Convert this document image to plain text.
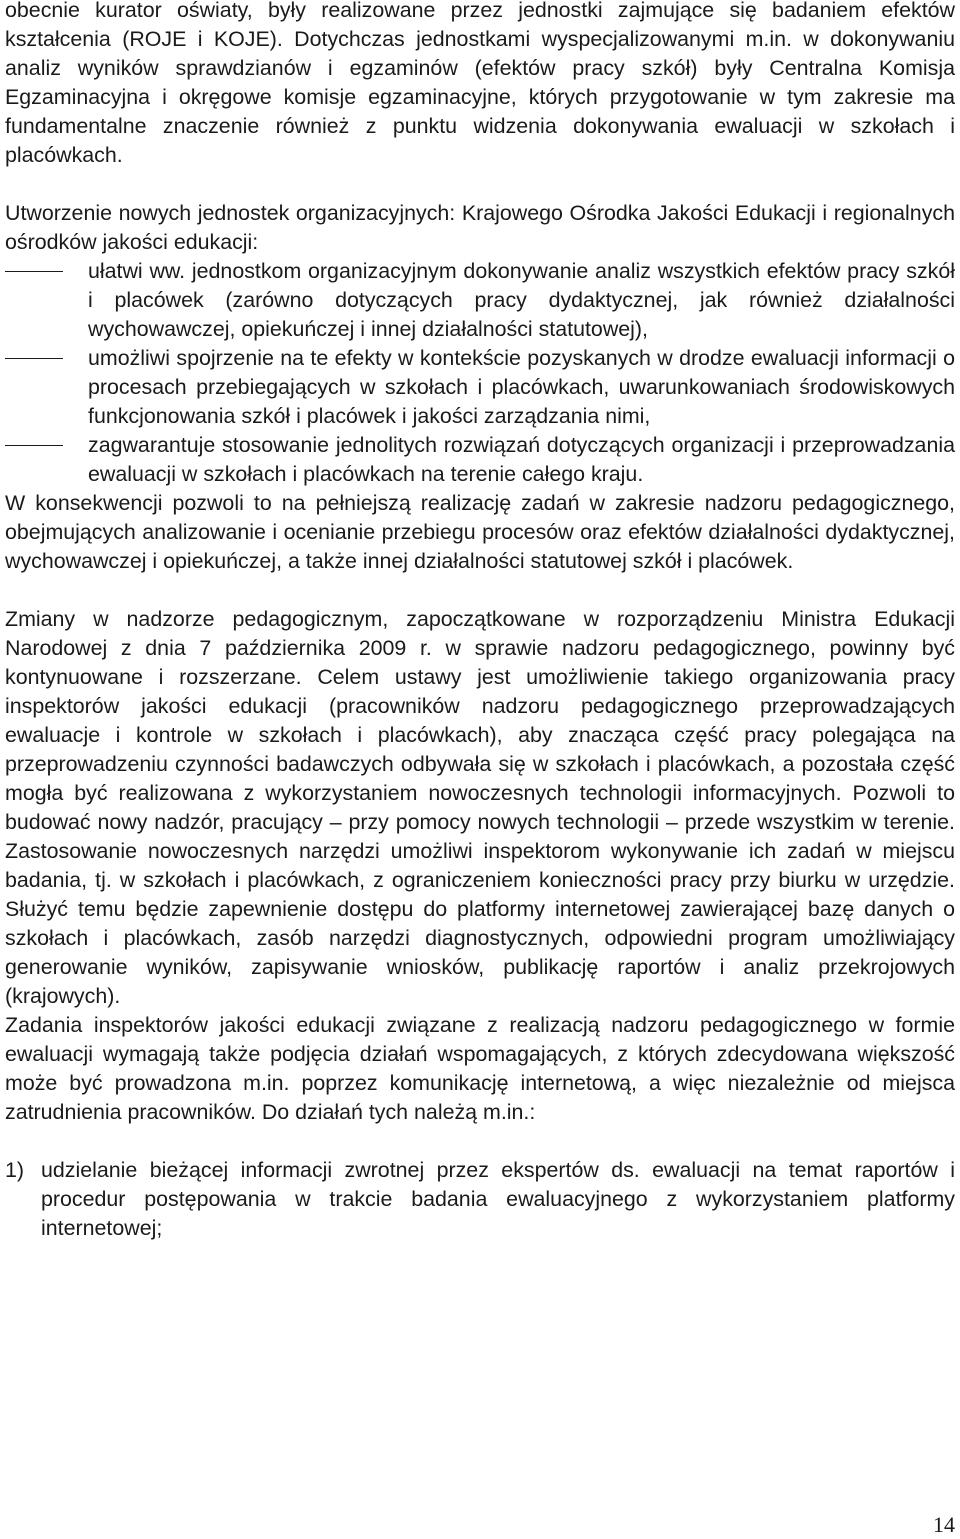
obecnie kurator oświaty, były realizowane przez jednostki zajmujące się badaniem efektów kształcenia (ROJE i KOJE). Dotychczas jednostkami wyspecjalizowanymi m.in. w dokonywaniu analiz wyników sprawdzianów i egzaminów (efektów pracy szkół) były Centralna Komisja Egzaminacyjna i okręgowe komisje egzaminacyjne, których przygotowanie w tym zakresie ma fundamentalne znaczenie również z punktu widzenia dokonywania ewaluacji w szkołach i placówkach.

Utworzenie nowych jednostek organizacyjnych: Krajowego Ośrodka Jakości Edukacji i regionalnych ośrodków jakości edukacji:

ułatwi ww. jednostkom organizacyjnym dokonywanie analiz wszystkich efektów pracy szkół i placówek (zarówno dotyczących pracy dydaktycznej, jak również działalności wychowawczej, opiekuńczej i innej działalności statutowej),
umożliwi spojrzenie na te efekty w kontekście pozyskanych w drodze ewaluacji informacji o procesach przebiegających w szkołach i placówkach, uwarunkowaniach środowiskowych funkcjonowania szkół i placówek i jakości zarządzania nimi,
zagwarantuje stosowanie jednolitych rozwiązań dotyczących organizacji i przeprowadzania ewaluacji w szkołach i placówkach na terenie całego kraju.

W konsekwencji pozwoli to na pełniejszą realizację zadań w zakresie nadzoru pedagogicznego, obejmujących analizowanie i ocenianie przebiegu procesów oraz efektów działalności dydaktycznej, wychowawczej i opiekuńczej, a także innej działalności statutowej szkół i placówek.

Zmiany w nadzorze pedagogicznym, zapoczątkowane w rozporządzeniu Ministra Edukacji Narodowej z dnia 7 października 2009 r. w sprawie nadzoru pedagogicznego, powinny być kontynuowane i rozszerzane. Celem ustawy jest umożliwienie takiego organizowania pracy inspektorów jakości edukacji (pracowników nadzoru pedagogicznego przeprowadzających ewaluacje i kontrole w szkołach i placówkach), aby znacząca część pracy polegająca na przeprowadzeniu czynności badawczych odbywała się w szkołach i placówkach, a pozostała część mogła być realizowana z wykorzystaniem nowoczesnych technologii informacyjnych. Pozwoli to budować nowy nadzór, pracujący – przy pomocy nowych technologii – przede wszystkim w terenie. Zastosowanie nowoczesnych narzędzi umożliwi inspektorom wykonywanie ich zadań w miejscu badania, tj. w szkołach i placówkach, z ograniczeniem konieczności pracy przy biurku w urzędzie. Służyć temu będzie zapewnienie dostępu do platformy internetowej zawierającej bazę danych o szkołach i placówkach, zasób narzędzi diagnostycznych, odpowiedni program umożliwiający generowanie wyników, zapisywanie wniosków, publikację raportów i analiz przekrojowych (krajowych).

Zadania inspektorów jakości edukacji związane z realizacją nadzoru pedagogicznego w formie ewaluacji wymagają także podjęcia działań wspomagających, z których zdecydowana większość może być prowadzona m.in. poprzez komunikację internetową, a więc niezależnie od miejsca zatrudnienia pracowników. Do działań tych należą m.in.:

1) udzielanie bieżącej informacji zwrotnej przez ekspertów ds. ewaluacji na temat raportów i procedur postępowania w trakcie badania ewaluacyjnego z wykorzystaniem platformy internetowej;
14
